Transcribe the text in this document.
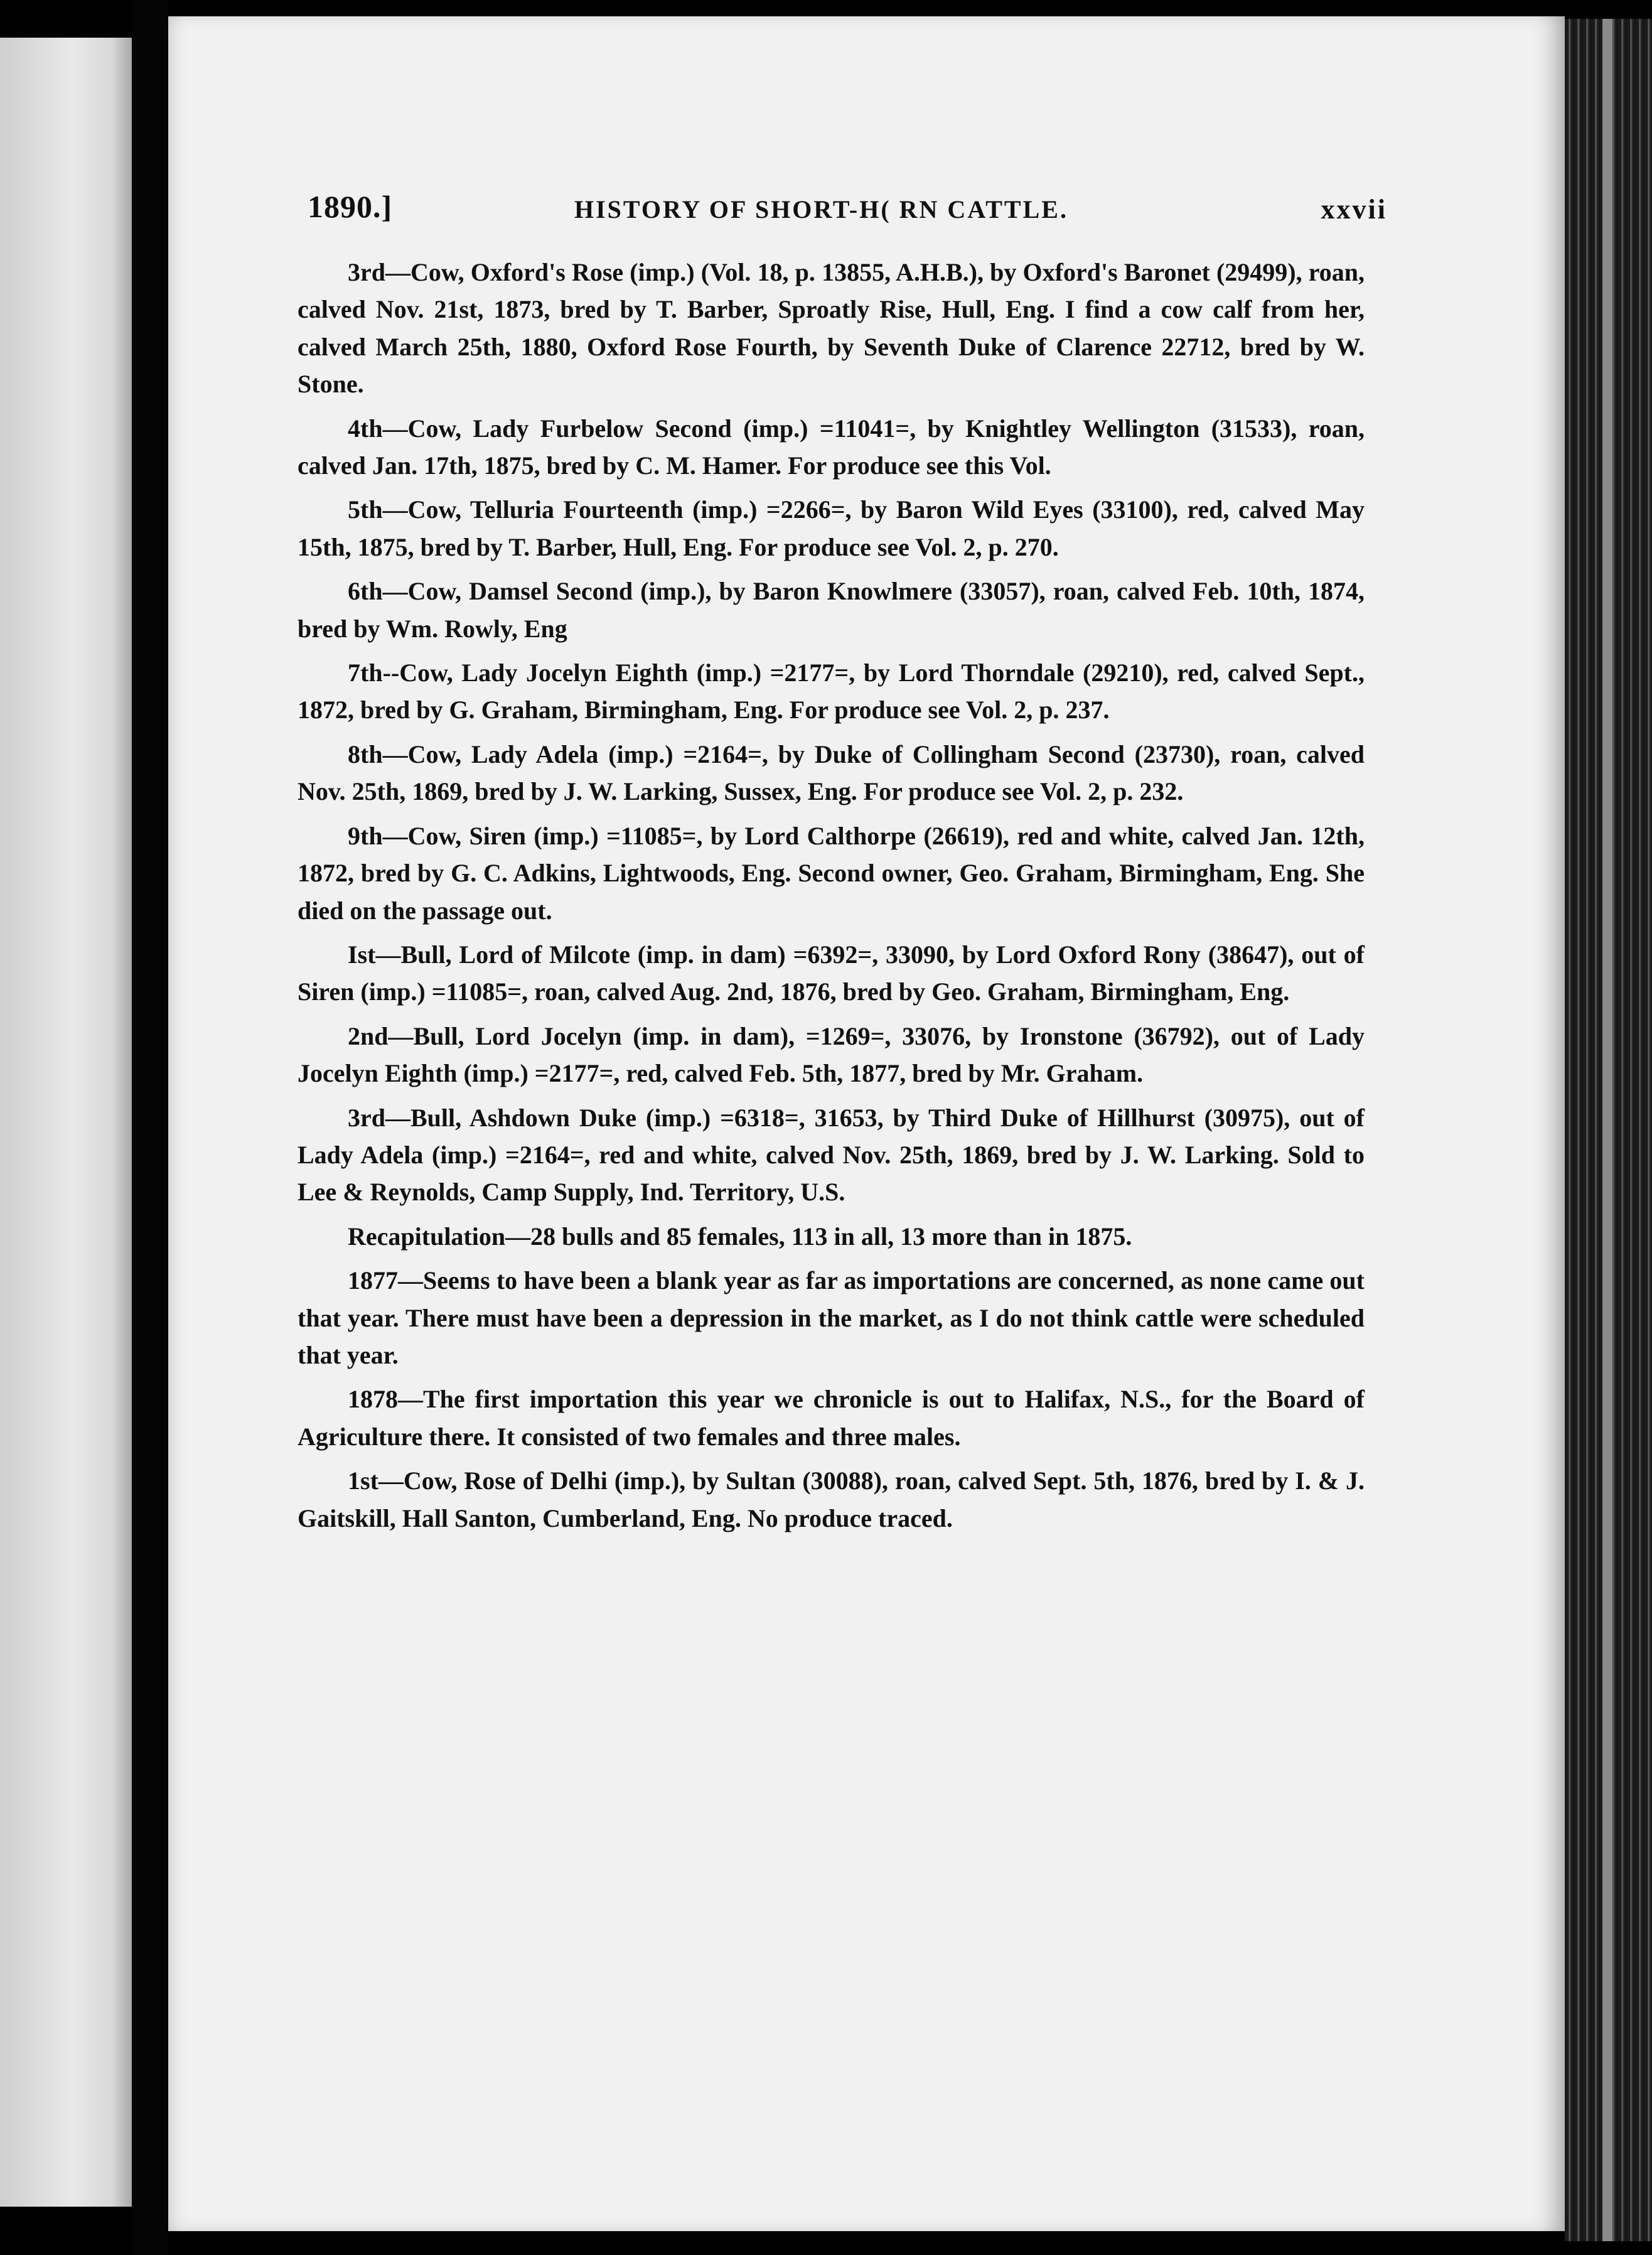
1890.]	HISTORY OF SHORT-H( RN CATTLE.	xxvii

3rd—Cow, Oxford's Rose (imp.) (Vol. 18, p. 13855, A.H.B.), by Oxford's Baronet (29499), roan, calved Nov. 21st, 1873, bred by T. Barber, Sproatly Rise, Hull, Eng. I find a cow calf from her, calved March 25th, 1880, Oxford Rose Fourth, by Seventh Duke of Clarence 22712, bred by W. Stone.

4th—Cow, Lady Furbelow Second (imp.) =11041=, by Knightley Wellington (31533), roan, calved Jan. 17th, 1875, bred by C. M. Hamer. For produce see this Vol.

5th—Cow, Telluria Fourteenth (imp.) =2266=, by Baron Wild Eyes (33100), red, calved May 15th, 1875, bred by T. Barber, Hull, Eng. For produce see Vol. 2, p. 270.

6th—Cow, Damsel Second (imp.), by Baron Knowlmere (33057), roan, calved Feb. 10th, 1874, bred by Wm. Rowly, Eng

7th--Cow, Lady Jocelyn Eighth (imp.) =2177=, by Lord Thorndale (29210), red, calved Sept., 1872, bred by G. Graham, Birmingham, Eng. For produce see Vol. 2, p. 237.

8th—Cow, Lady Adela (imp.) =2164=, by Duke of Collingham Second (23730), roan, calved Nov. 25th, 1869, bred by J. W. Larking, Sussex, Eng. For produce see Vol. 2, p. 232.

9th—Cow, Siren (imp.) =11085=, by Lord Calthorpe (26619), red and white, calved Jan. 12th, 1872, bred by G. C. Adkins, Lightwoods, Eng. Second owner, Geo. Graham, Birmingham, Eng. She died on the passage out.

Ist—Bull, Lord of Milcote (imp. in dam) =6392=, 33090, by Lord Oxford Rony (38647), out of Siren (imp.) =11085=, roan, calved Aug. 2nd, 1876, bred by Geo. Graham, Birmingham, Eng.

2nd—Bull, Lord Jocelyn (imp. in dam), =1269=, 33076, by Ironstone (36792), out of Lady Jocelyn Eighth (imp.) =2177=, red, calved Feb. 5th, 1877, bred by Mr. Graham.

3rd—Bull, Ashdown Duke (imp.) =6318=, 31653, by Third Duke of Hillhurst (30975), out of Lady Adela (imp.) =2164=, red and white, calved Nov. 25th, 1869, bred by J. W. Larking. Sold to Lee & Reynolds, Camp Supply, Ind. Territory, U.S.

Recapitulation—28 bulls and 85 females, 113 in all, 13 more than in 1875.

1877—Seems to have been a blank year as far as importations are concerned, as none came out that year. There must have been a depression in the market, as I do not think cattle were scheduled that year.

1878—The first importation this year we chronicle is out to Halifax, N.S., for the Board of Agriculture there. It consisted of two females and three males.

1st—Cow, Rose of Delhi (imp.), by Sultan (30088), roan, calved Sept. 5th, 1876, bred by I. & J. Gaitskill, Hall Santon, Cumberland, Eng. No produce traced.
